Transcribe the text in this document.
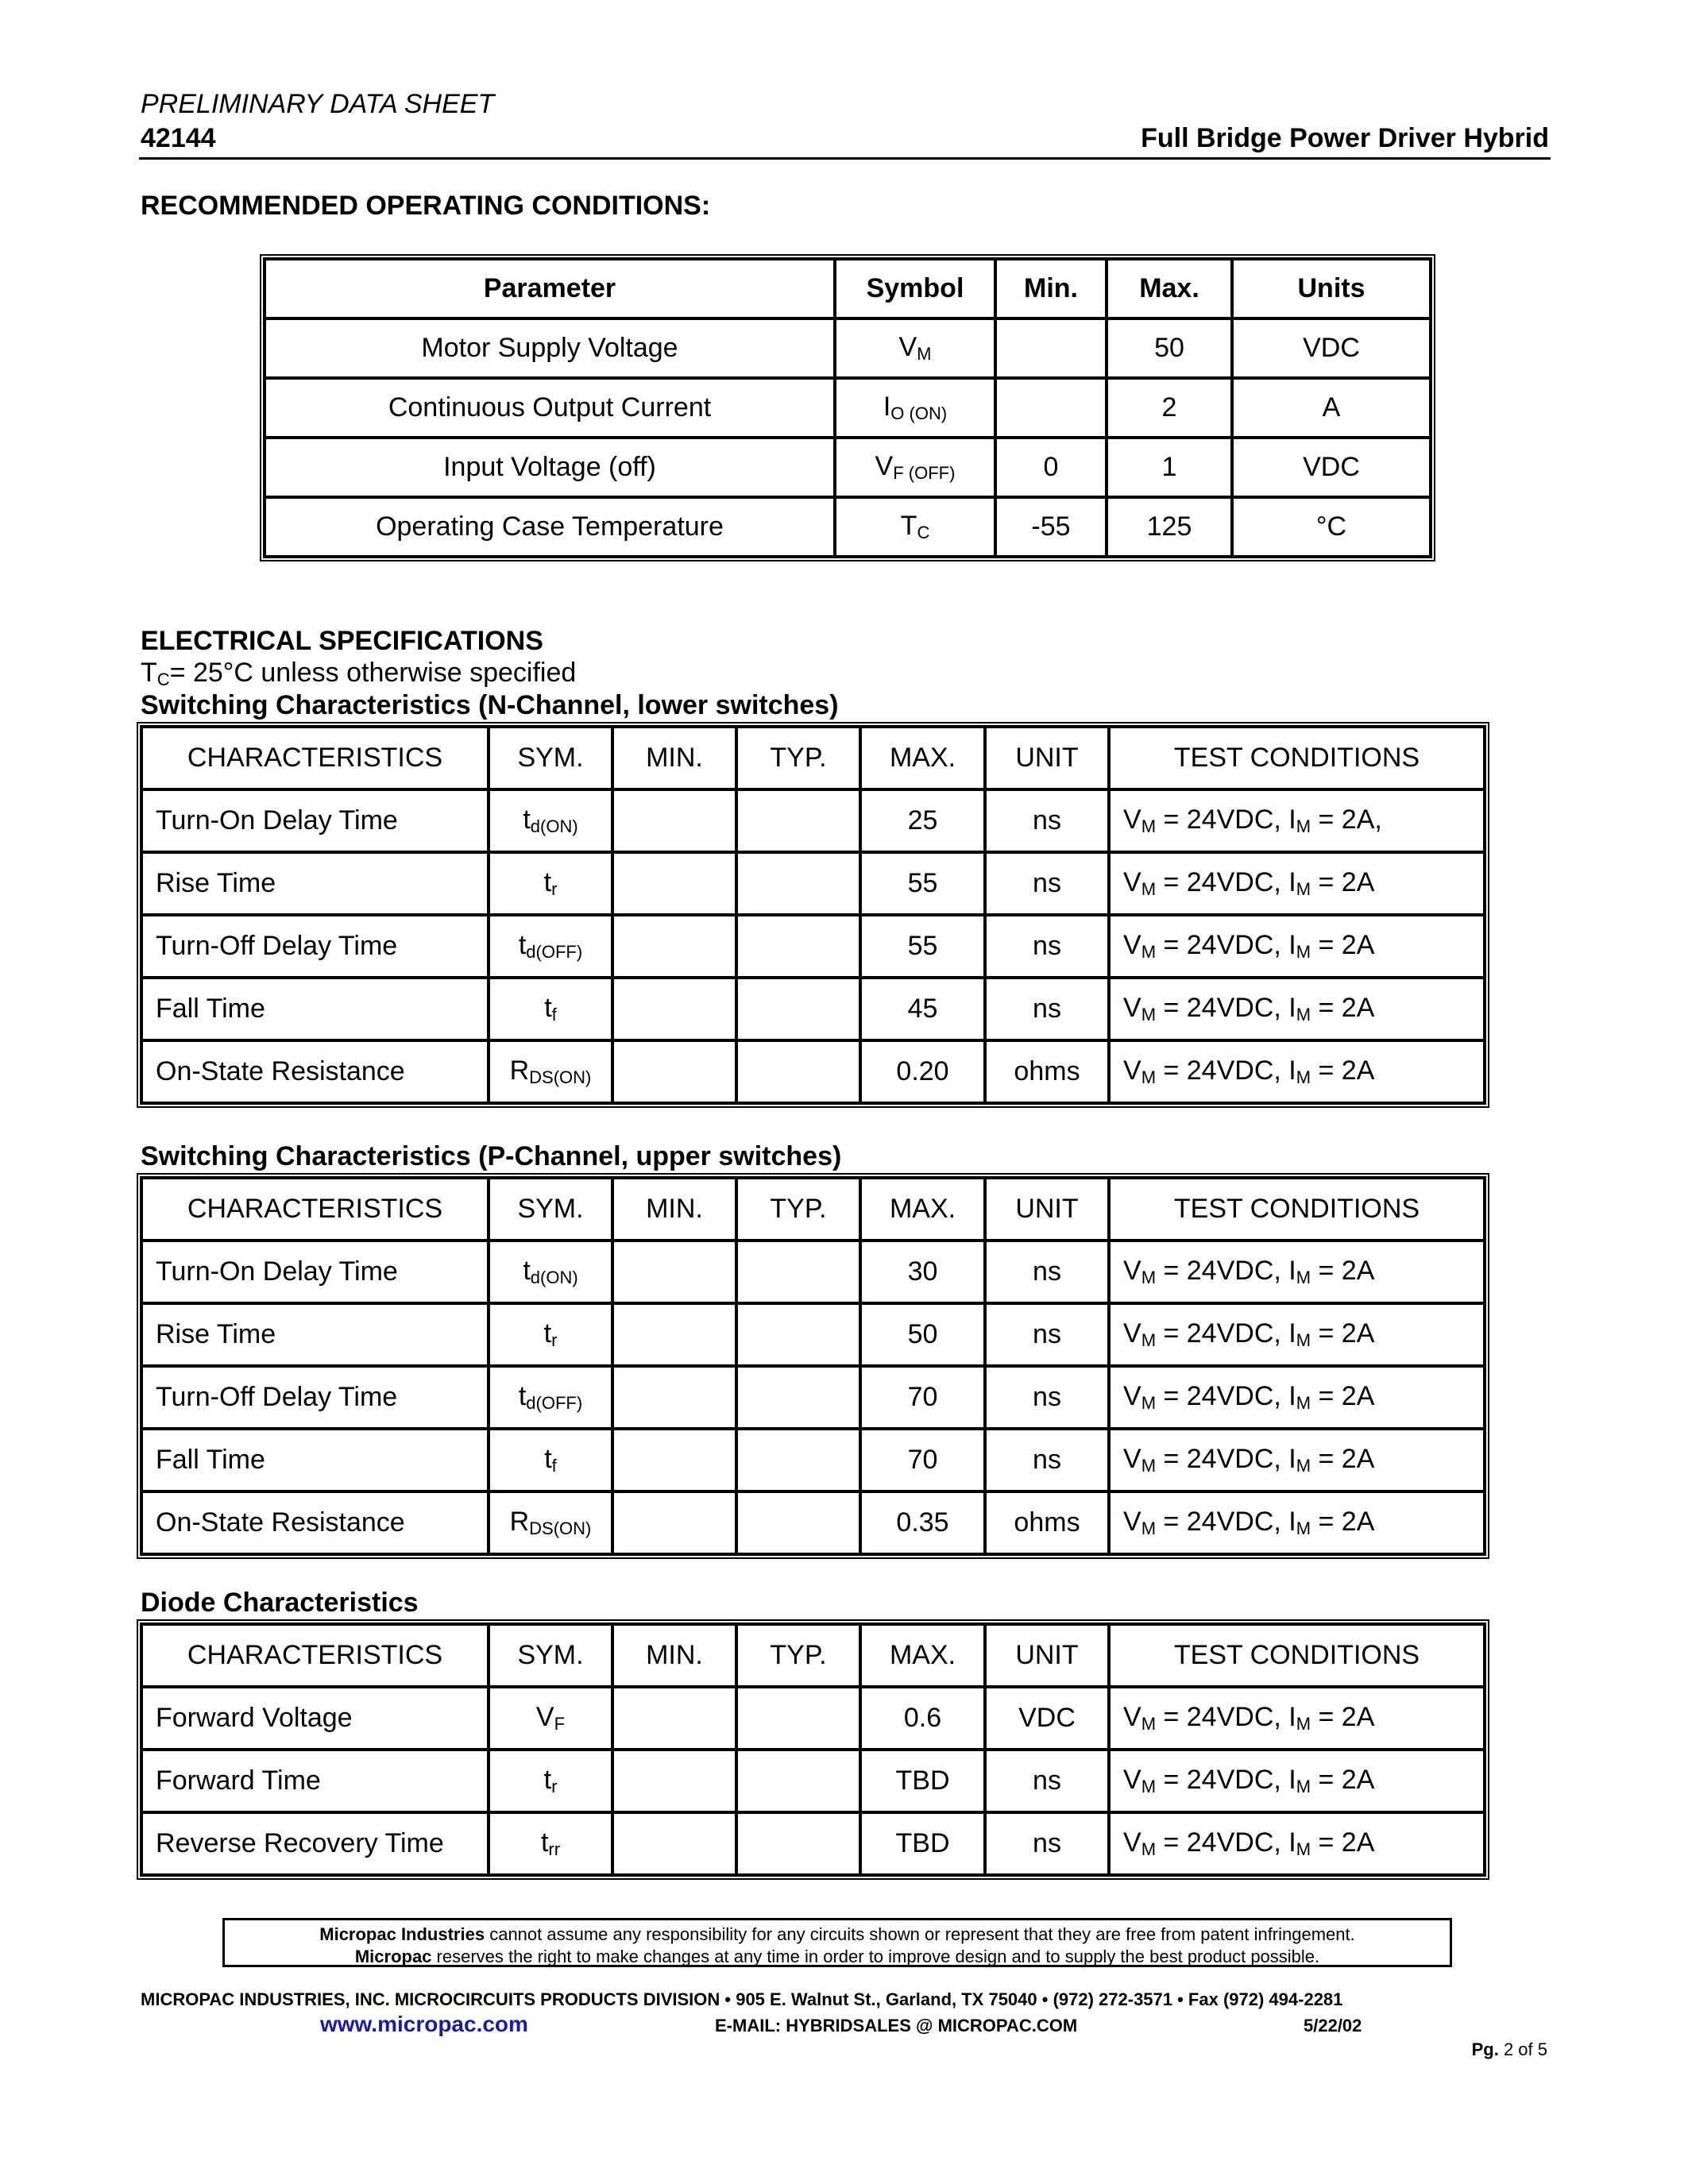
PRELIMINARY DATA SHEET
42144	Full Bridge Power Driver Hybrid
RECOMMENDED OPERATING CONDITIONS:
Parameter	Symbol	Min.	Max.	Units
Motor Supply Voltage	$V_M$		50	VDC
Continuous Output Current	$I_{O (ON)}$		2	A
Input Voltage (off)	$V_{F (OFF)}$	0	1	VDC
Operating Case Temperature	$T_C$	-55	125	°C
ELECTRICAL SPECIFICATIONS
$T_C= 25^\circ C$ unless otherwise specified
Switching Characteristics (N-Channel, lower switches)
CHARACTERISTICS	SYM.	MIN.	TYP.	MAX.	UNIT	TEST CONDITIONS
Turn-On Delay Time	$t_{d(ON)}$			25	ns	$V_M = 24VDC$, $I_M = 2A$,
Rise Time	$t_r$			55	ns	$V_M = 24VDC$, $I_M = 2A$
Turn-Off Delay Time	$t_{d(OFF)}$			55	ns	$V_M = 24VDC$, $I_M = 2A$
Fall Time	$t_f$			45	ns	$V_M = 24VDC$, $I_M = 2A$
On-State Resistance	$R_{DS(ON)}$			0.20	ohms	$V_M = 24VDC$, $I_M = 2A$
Switching Characteristics (P-Channel, upper switches)
CHARACTERISTICS	SYM.	MIN.	TYP.	MAX.	UNIT	TEST CONDITIONS
Turn-On Delay Time	$t_{d(ON)}$			30	ns	$V_M = 24VDC$, $I_M = 2A$
Rise Time	$t_r$			50	ns	$V_M = 24VDC$, $I_M = 2A$
Turn-Off Delay Time	$t_{d(OFF)}$			70	ns	$V_M = 24VDC$, $I_M = 2A$
Fall Time	$t_f$			70	ns	$V_M = 24VDC$, $I_M = 2A$
On-State Resistance	$R_{DS(ON)}$			0.35	ohms	$V_M = 24VDC$, $I_M = 2A$
Diode Characteristics
CHARACTERISTICS	SYM.	MIN.	TYP.	MAX.	UNIT	TEST CONDITIONS
Forward Voltage	$V_F$			0.6	VDC	$V_M = 24VDC$, $I_M = 2A$
Forward Time	$t_r$			TBD	ns	$V_M = 24VDC$, $I_M = 2A$
Reverse Recovery Time	$t_{rr}$			TBD	ns	$V_M = 24VDC$, $I_M = 2A$
Micropac Industries cannot assume any responsibility for any circuits shown or represent that they are free from patent infringement.
Micropac reserves the right to make changes at any time in order to improve design and to supply the best product possible.
MICROPAC INDUSTRIES, INC. MICROCIRCUITS PRODUCTS DIVISION • 905 E. Walnut St., Garland, TX 75040 • (972) 272-3571 • Fax (972) 494-2281
www.micropac.com	E-MAIL: HYBRIDSALES @ MICROPAC.COM	5/22/02
Pg. 2 of 5
